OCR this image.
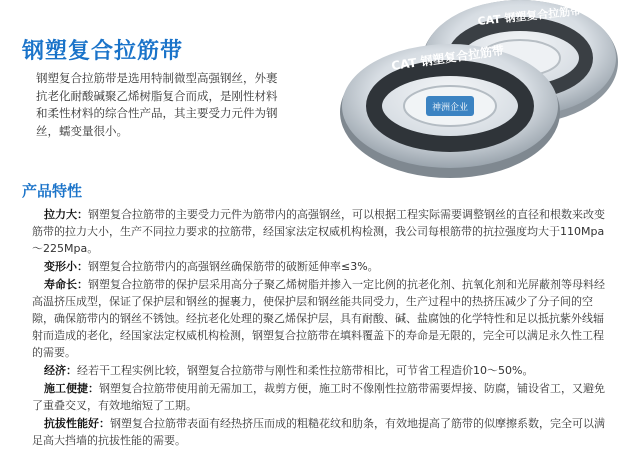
钢塑复合拉筋带
钢塑复合拉筋带是选用特制微型高强钢丝，外裹抗老化耐酸碱聚乙烯树脂复合而成，是刚性材料和柔性材料的综合性产品，其主要受力元件为钢丝，蠕变量很小。
CAT 钢塑复合拉筋带
神洲企业
CAT 钢塑复合拉筋带
产品特性

拉力大：钢塑复合拉筋带的主要受力元件为筋带内的高强钢丝，可以根据工程实际需要调整钢丝的直径和根数来改变筋带的拉力大小，生产不同拉力要求的拉筋带，经国家法定权威机构检测，我公司每根筋带的抗拉强度均大于110Mpa～225Mpa。

变形小：钢塑复合拉筋带内的高强钢丝确保筋带的破断延伸率≤3%。

寿命长：钢塑复合拉筋带的保护层采用高分子聚乙烯树脂并掺入一定比例的抗老化剂、抗氧化剂和光屏蔽剂等母料经高温挤压成型，保证了保护层和钢丝的握裹力，使保护层和钢丝能共同受力，生产过程中的热挤压减少了分子间的空隙，确保筋带内的钢丝不锈蚀。经抗老化处理的聚乙烯保护层，具有耐酸、碱、盐腐蚀的化学特性和足以抵抗紫外线辐射而造成的老化，经国家法定权威机构检测，钢塑复合拉筋带在填料覆盖下的寿命是无限的，完全可以满足永久性工程的需要。

经济：经若干工程实例比较，钢塑复合拉筋带与刚性和柔性拉筋带相比，可节省工程造价10～50%。

施工便捷：钢塑复合拉筋带使用前无需加工，裁剪方便，施工时不像刚性拉筋带需要焊接、防腐，铺设省工，又避免了重叠交叉，有效地缩短了工期。

抗拔性能好：钢塑复合拉筋带表面有经热挤压而成的粗糙花纹和肋条，有效地提高了筋带的似摩擦系数，完全可以满足高大挡墙的抗拔性能的需要。
